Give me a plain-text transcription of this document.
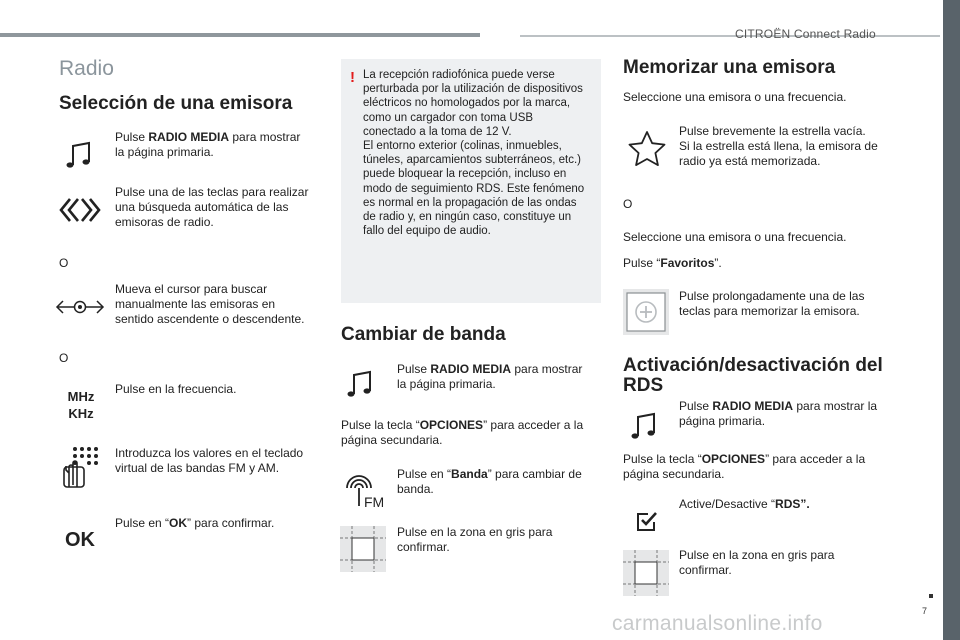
CITROËN Connect Radio
7
carmanualsonline.info
Radio
Selección de una emisora
Pulse RADIO MEDIA para mostrar la página primaria.
Pulse una de las teclas para realizar una búsqueda automática de las emisoras de radio.
O
Mueva el cursor para buscar manualmente las emisoras en sentido ascendente o descendente.
O
MHz
KHz
Pulse en la frecuencia.
Introduzca los valores en el teclado virtual de las bandas FM y AM.
OK
Pulse en “OK” para confirmar.
! La recepción radiofónica puede verse perturbada por la utilización de dispositivos eléctricos no homologados por la marca, como un cargador con toma USB conectado a la toma de 12 V.
El entorno exterior (colinas, inmuebles, túneles, aparcamientos subterráneos, etc.) puede bloquear la recepción, incluso en modo de seguimiento RDS. Este fenómeno es normal en la propagación de las ondas de radio y, en ningún caso, constituye un fallo del equipo de audio.
Cambiar de banda
Pulse RADIO MEDIA para mostrar la página primaria.
Pulse la tecla “OPCIONES” para acceder a la página secundaria.
FM
Pulse en “Banda” para cambiar de banda.
Pulse en la zona en gris para confirmar.
Memorizar una emisora
Seleccione una emisora o una frecuencia.
Pulse brevemente la estrella vacía.
Si la estrella está llena, la emisora de radio ya está memorizada.
O
Seleccione una emisora o una frecuencia.
Pulse “Favoritos”.
Pulse prolongadamente una de las teclas para memorizar la emisora.
Activación/desactivación del RDS
Pulse RADIO MEDIA para mostrar la página primaria.
Pulse la tecla “OPCIONES” para acceder a la página secundaria.
Active/Desactive “RDS”.
Pulse en la zona en gris para confirmar.
